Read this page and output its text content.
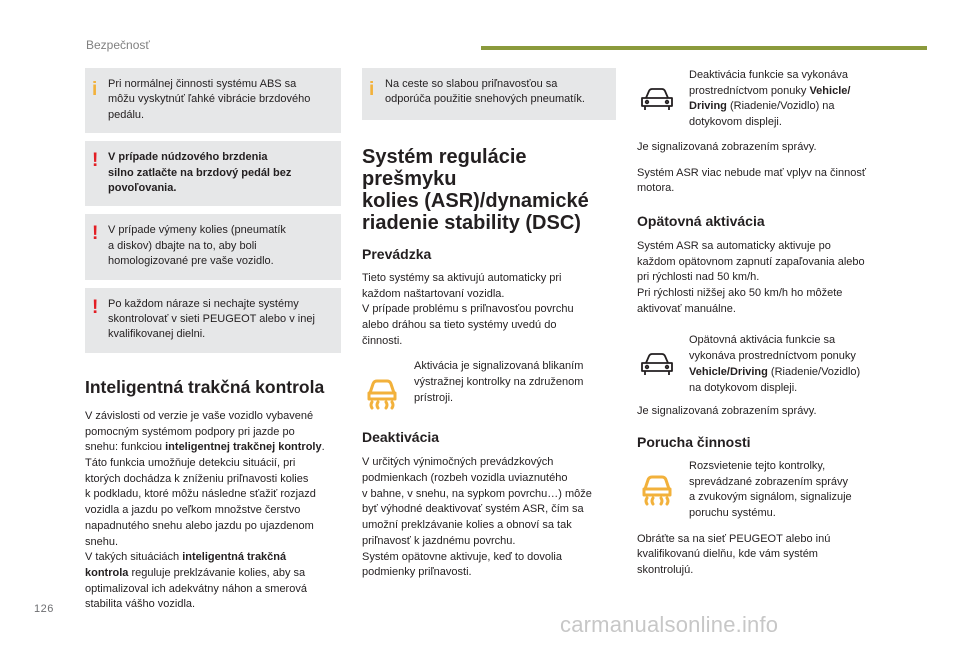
Bezpečnosť
i Pri normálnej činnosti systému ABS sa
môžu vyskytnúť ľahké vibrácie brzdového
pedálu.
! V prípade núdzového brzdenia
silno zatlačte na brzdový pedál bez
povoľovania.
! V prípade výmeny kolies (pneumatík
a diskov) dbajte na to, aby boli
homologizované pre vaše vozidlo.
! Po každom náraze si nechajte systémy
skontrolovať v sieti PEUGEOT alebo v inej
kvalifikovanej dielni.
Inteligentná trakčná kontrola

V závislosti od verzie je vaše vozidlo vybavené
pomocným systémom podpory pri jazde po
snehu: funkciou inteligentnej trakčnej kontroly.
Táto funkcia umožňuje detekciu situácií, pri
ktorých dochádza k zníženiu priľnavosti kolies
k podkladu, ktoré môžu následne sťažiť rozjazd
vozidla a jazdu po veľkom množstve čerstvo
napadnutého snehu alebo jazdu po ujazdenom
snehu.
V takých situáciách inteligentná trakčná
kontrola reguluje preklzávanie kolies, aby sa
optimalizoval ich adekvátny náhon a smerová
stabilita vášho vozidla.

i Na ceste so slabou priľnavosťou sa
odporúča použitie snehových pneumatík.
Systém regulácie prešmyku
kolies (ASR)/dynamické
riadenie stability (DSC)
Prevádzka

Tieto systémy sa aktivujú automaticky pri
každom naštartovaní vozidla.
V prípade problému s priľnavosťou povrchu
alebo dráhou sa tieto systémy uvedú do
činnosti.

Aktivácia je signalizovaná blikaním
výstražnej kontrolky na združenom
prístroji.
Deaktivácia

V určitých výnimočných prevádzkových
podmienkach (rozbeh vozidla uviaznutého
v bahne, v snehu, na sypkom povrchu…) môže
byť výhodné deaktivovať systém ASR, čím sa
umožní preklzávanie kolies a obnoví sa tak
priľnavosť k jazdnému povrchu.
Systém opätovne aktivuje, keď to dovolia
podmienky priľnavosti.

Deaktivácia funkcie sa vykonáva
prostredníctvom ponuky Vehicle/
Driving (Riadenie/Vozidlo) na
dotykovom displeji.

Je signalizovaná zobrazením správy.

Systém ASR viac nebude mať vplyv na činnosť
motora.

Opätovná aktivácia

Systém ASR sa automaticky aktivuje po
každom opätovnom zapnutí zapaľovania alebo
pri rýchlosti nad 50 km/h.
Pri rýchlosti nižšej ako 50 km/h ho môžete
aktivovať manuálne.

Opätovná aktivácia funkcie sa
vykonáva prostredníctvom ponuky
Vehicle/Driving (Riadenie/Vozidlo)
na dotykovom displeji.

Je signalizovaná zobrazením správy.

Porucha činnosti
Rozsvietenie tejto kontrolky,
sprevádzané zobrazením správy
a zvukovým signálom, signalizuje
poruchu systému.

Obráťte sa na sieť PEUGEOT alebo inú
kvalifikovanú dielňu, kde vám systém
skontrolujú.

126
carmanualsonline.info
